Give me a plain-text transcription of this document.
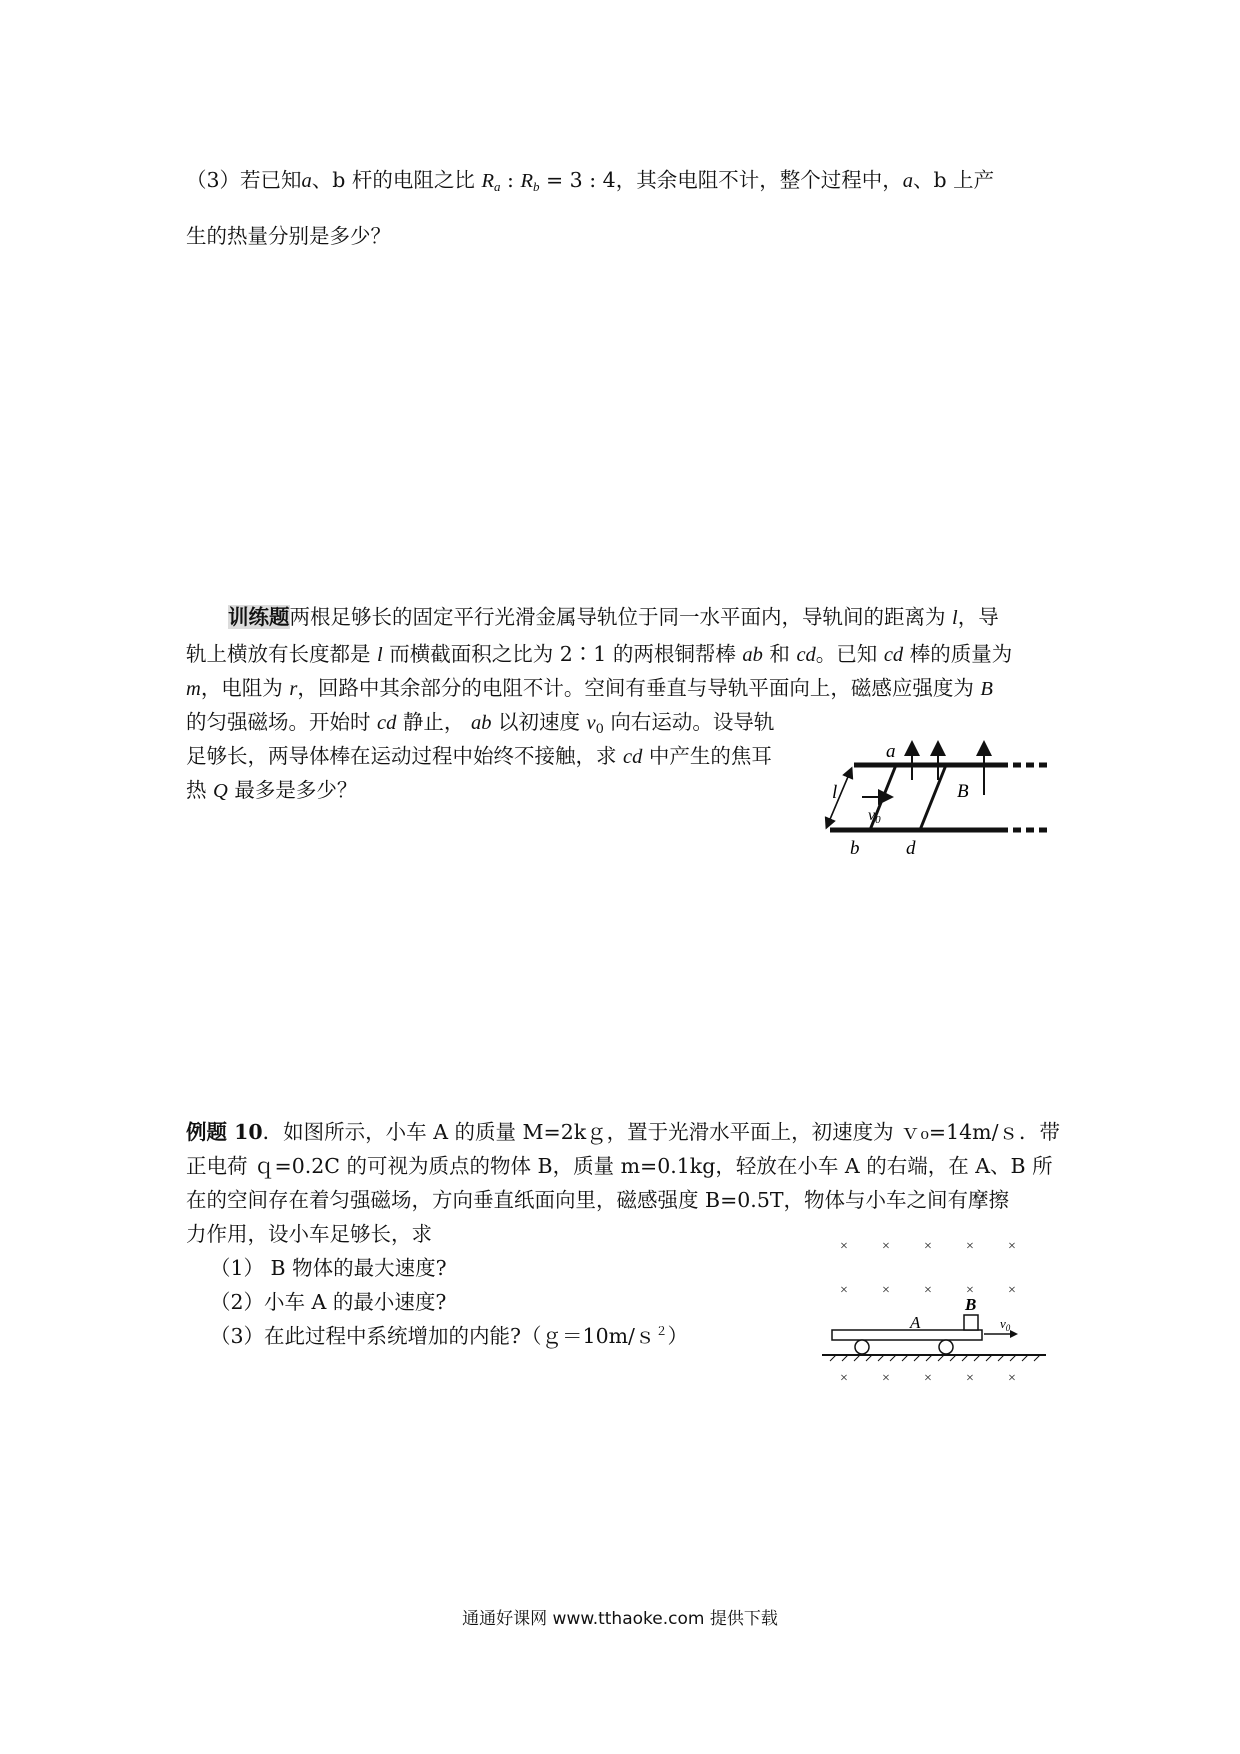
（3）若已知a、b 杆的电阻之比 $R_a$ : $R_b = 3$ : 4，其余电阻不计，整个过程中，a、b 上产
生的热量分别是多少？
训练题两根足够长的固定平行光滑金属导轨位于同一水平面内，导轨间的距离为 l，导
轨上横放有长度都是 l 而横截面积之比为 2∶1 的两根铜帮棒 ab 和 cd。已知 cd 棒的质量为
m，电阻为 r，回路中其余部分的电阻不计。空间有垂直与导轨平面向上，磁感应强度为 B
的匀强磁场。开始时 cd 静止， ab 以初速度 $v_0$ 向右运动。设导轨
足够长，两导体棒在运动过程中始终不接触，求 cd 中产生的焦耳
热 Q 最多是多少？
a
l
v0
B
b d
例题 10．如图所示，小车 A 的质量 M=2kｇ，置于光滑水平面上，初速度为 ｖ₀=14m/ｓ．带
正电荷 ｑ=0.2C 的可视为质点的物体 B，质量 m=0.1kg，轻放在小车 A 的右端，在 A、B 所
在的空间存在着匀强磁场，方向垂直纸面向里，磁感强度 B=0.5T，物体与小车之间有摩擦
力作用，设小车足够长，求
（1） B 物体的最大速度?
（2）小车 A 的最小速度?
（3）在此过程中系统增加的内能?（ｇ＝10m/ｓ$^2$）
× × × × ×
× × × × ×
× × × × ×
A
B
$v_0$
通通好课网 www.tthaoke.com 提供下载
